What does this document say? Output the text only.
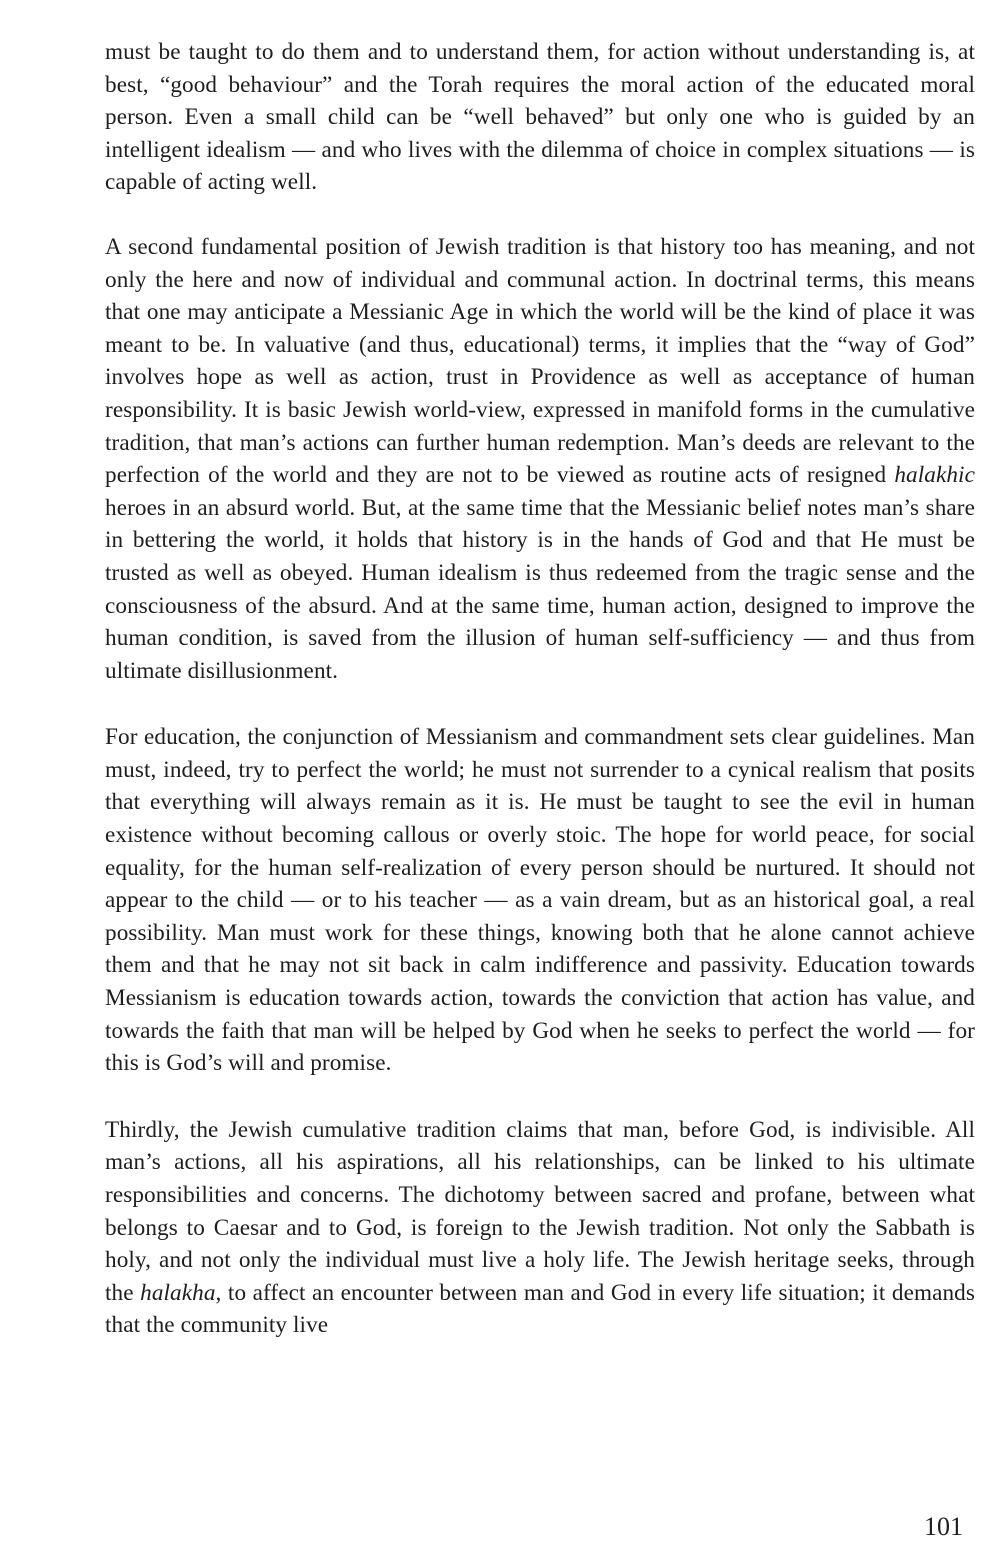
must be taught to do them and to understand them, for action without understanding is, at best, “good behaviour” and the Torah requires the moral action of the educated moral person. Even a small child can be “well behaved” but only one who is guided by an intelligent idealism — and who lives with the dilemma of choice in complex situations — is capable of acting well.

A second fundamental position of Jewish tradition is that history too has meaning, and not only the here and now of individual and communal action. In doctrinal terms, this means that one may anticipate a Messianic Age in which the world will be the kind of place it was meant to be. In valuative (and thus, educational) terms, it implies that the “way of God” involves hope as well as action, trust in Providence as well as acceptance of human responsibility. It is basic Jewish world-view, expressed in manifold forms in the cumulative tradition, that man’s actions can further human redemption. Man’s deeds are relevant to the perfection of the world and they are not to be viewed as routine acts of resigned halakhic heroes in an absurd world. But, at the same time that the Messianic belief notes man’s share in bettering the world, it holds that history is in the hands of God and that He must be trusted as well as obeyed. Human idealism is thus redeemed from the tragic sense and the consciousness of the absurd. And at the same time, human action, designed to improve the human condition, is saved from the illusion of human self-sufficiency — and thus from ultimate disillusionment.

For education, the conjunction of Messianism and commandment sets clear guidelines. Man must, indeed, try to perfect the world; he must not surrender to a cynical realism that posits that everything will always remain as it is. He must be taught to see the evil in human existence without becoming callous or overly stoic. The hope for world peace, for social equality, for the human self-realization of every person should be nurtured. It should not appear to the child — or to his teacher — as a vain dream, but as an historical goal, a real possibility. Man must work for these things, knowing both that he alone cannot achieve them and that he may not sit back in calm indifference and passivity. Education towards Messianism is education towards action, towards the conviction that action has value, and towards the faith that man will be helped by God when he seeks to perfect the world — for this is God’s will and promise.

Thirdly, the Jewish cumulative tradition claims that man, before God, is indivisible. All man’s actions, all his aspirations, all his relationships, can be linked to his ultimate responsibilities and concerns. The dichotomy between sacred and profane, between what belongs to Caesar and to God, is foreign to the Jewish tradition. Not only the Sabbath is holy, and not only the individual must live a holy life. The Jewish heritage seeks, through the halakha, to affect an encounter between man and God in every life situation; it demands that the community live

101
